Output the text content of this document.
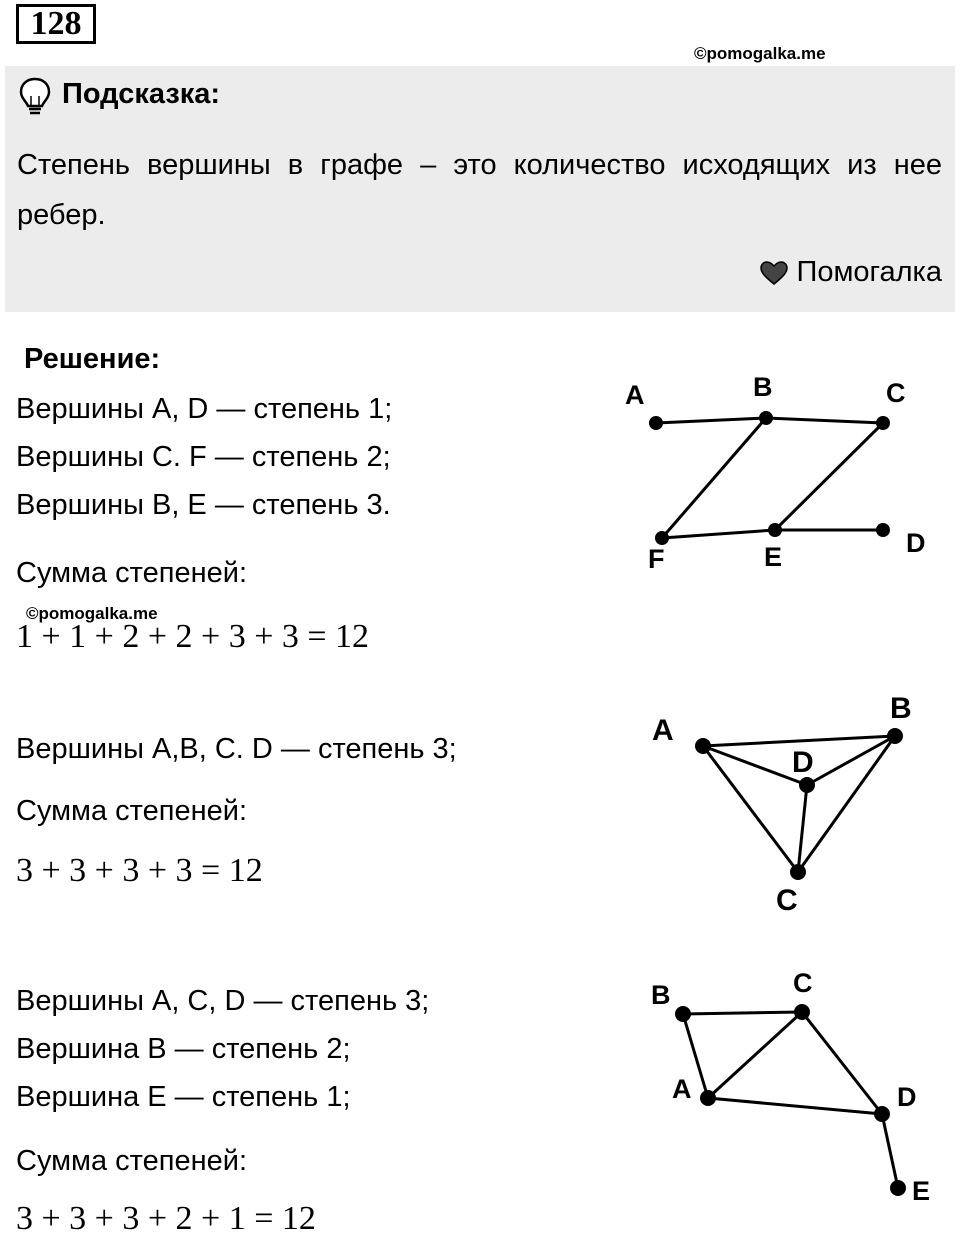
128
©pomogalka.me
Подсказка:
Степень вершины в графе – это количество исходящих из нее ребер.
Помогалка
Решение:
Вершины A, D — степень 1;
Вершины C. F — степень 2;
Вершины B, E — степень 3.
Сумма степеней:
©pomogalka.me
1 + 1 + 2 + 2 + 3 + 3 = 12
A	B	C
F	E	D
Вершины A,B, C. D — степень 3;
Сумма степеней:
3 + 3 + 3 + 3 = 12
A
B
D
C
Вершины A, C, D — степень 3;
Вершина B — степень 2;
Вершина E — степень 1;
Сумма степеней:
3 + 3 + 3 + 2 + 1 = 12
B	C
A	D
E
